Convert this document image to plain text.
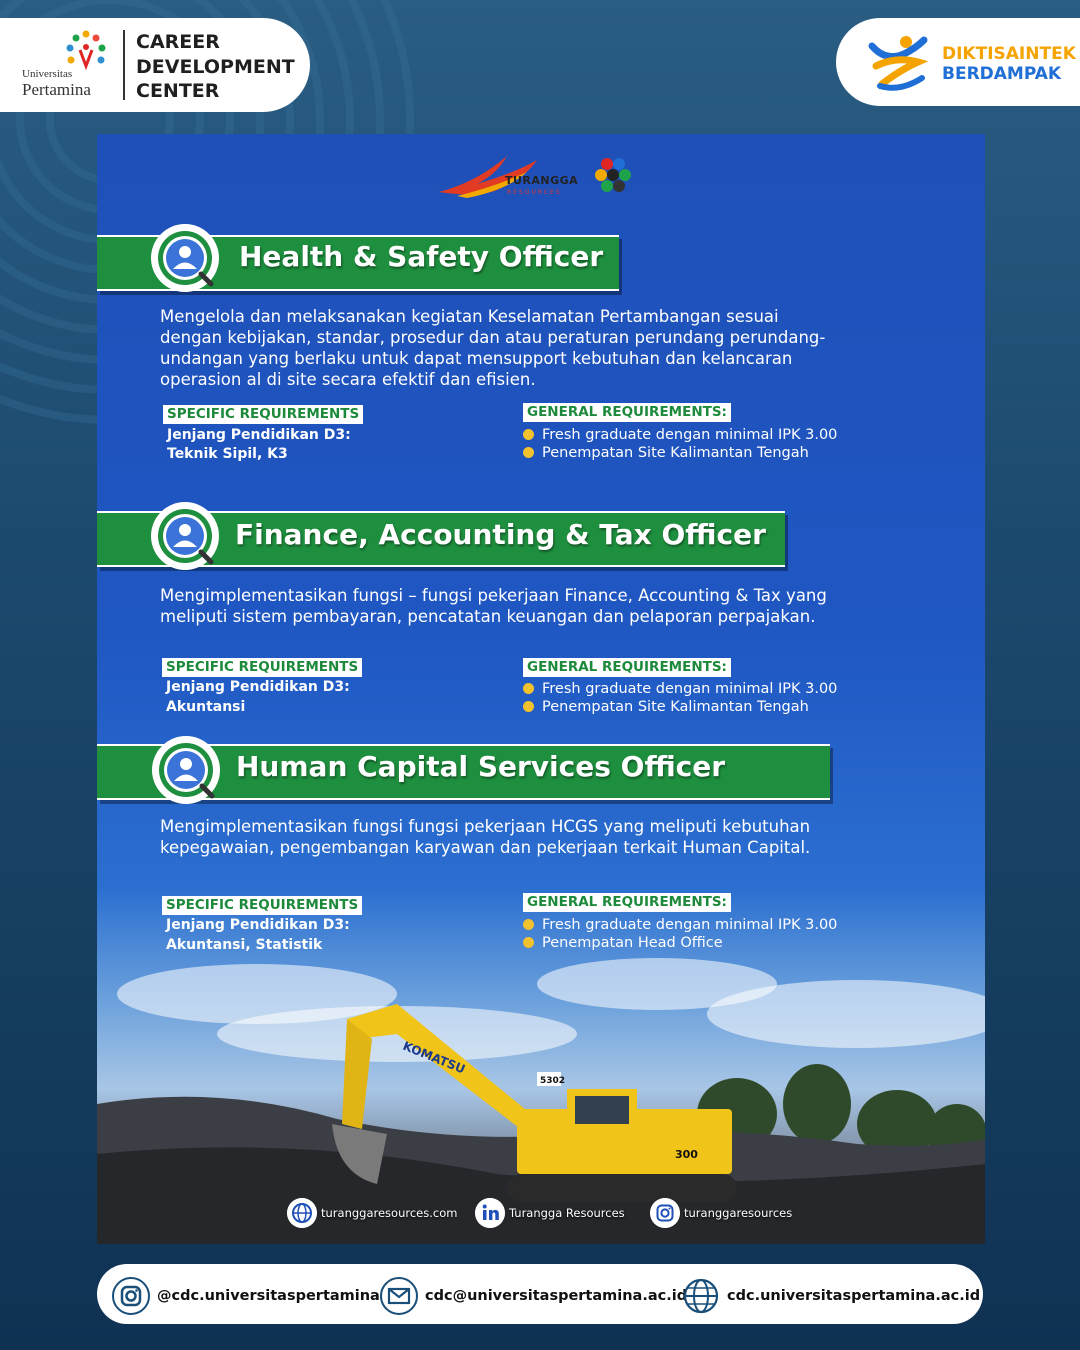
Universitas
Pertamina
CAREER
DEVELOPMENT
CENTER
DIKTISAINTEK
BERDAMPAK
KOMATSU
5302
300
TURANGGA
RESOURCES
Health & Safety Officer
Mengelola dan melaksanakan kegiatan Keselamatan Pertambangan sesuai dengan kebijakan, standar, prosedur dan atau peraturan perundang perundang-undangan yang berlaku untuk dapat mensupport kebutuhan dan kelancaran operasion al di site secara efektif dan efisien.
SPECIFIC REQUIREMENTS
Jenjang Pendidikan D3:
Teknik Sipil, K3
GENERAL REQUIREMENTS:
Fresh graduate dengan minimal IPK 3.00
Penempatan Site Kalimantan Tengah
Finance, Accounting & Tax Officer
Mengimplementasikan fungsi – fungsi pekerjaan Finance, Accounting & Tax yang meliputi sistem pembayaran, pencatatan keuangan dan pelaporan perpajakan.
SPECIFIC REQUIREMENTS
Jenjang Pendidikan D3:
Akuntansi
GENERAL REQUIREMENTS:
Fresh graduate dengan minimal IPK 3.00
Penempatan Site Kalimantan Tengah
Human Capital Services Officer
Mengimplementasikan fungsi fungsi pekerjaan HCGS yang meliputi kebutuhan kepegawaian, pengembangan karyawan dan pekerjaan terkait Human Capital.
SPECIFIC REQUIREMENTS
Jenjang Pendidikan D3:
Akuntansi, Statistik
GENERAL REQUIREMENTS:
Fresh graduate dengan minimal IPK 3.00
Penempatan Head Office
turanggaresources.com	Turangga Resources	turanggaresources
@cdc.universitaspertamina	cdc@universitaspertamina.ac.id	cdc.universitaspertamina.ac.id
